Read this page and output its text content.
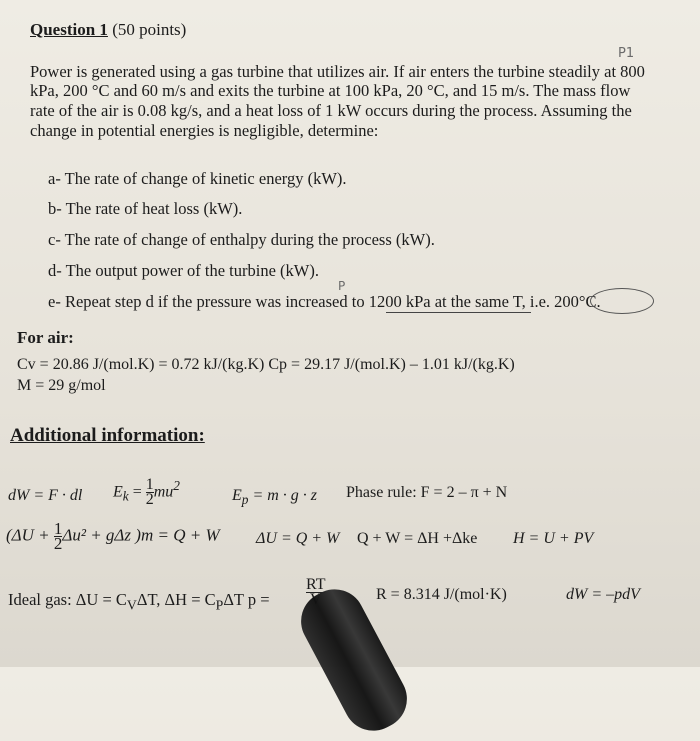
Question 1 (50 points)
P1
Power is generated using a gas turbine that utilizes air. If air enters the turbine steadily at 800
kPa, 200 °C and 60 m/s and exits the turbine at 100 kPa, 20 °C, and 15 m/s. The mass flow
rate of the air is 0.08 kg/s, and a heat loss of 1 kW occurs during the process. Assuming the
change in potential energies is negligible, determine:
a- The rate of change of kinetic energy (kW).
b- The rate of heat loss (kW).
c- The rate of change of enthalpy during the process (kW).
d- The output power of the turbine (kW).
P
e- Repeat step d if the pressure was increased to 1200 kPa at the same T, i.e. 200°C.
For air:
Cv = 20.86 J/(mol.K) = 0.72 kJ/(kg.K) Cp = 29.17 J/(mol.K) – 1.01 kJ/(kg.K)
M = 29 g/mol
Additional information:
dW = F · dl $E_k = \frac{1}{2} mu^2$
$E_p = m \cdot g \cdot z$ Phase rule: F = 2 – π + N
($\Delta U + \frac{1}{2} \Delta u^2 + g\Delta z$ )m = Q + W ΔU = Q + W Q + W = ΔH +Δke H = U + PV
Ideal gas: $\Delta U = C_V\Delta T$, $\Delta H = C_P\Delta T$ p =
RT
R = 8.314 J/(mol·K)	dW = –pdV
